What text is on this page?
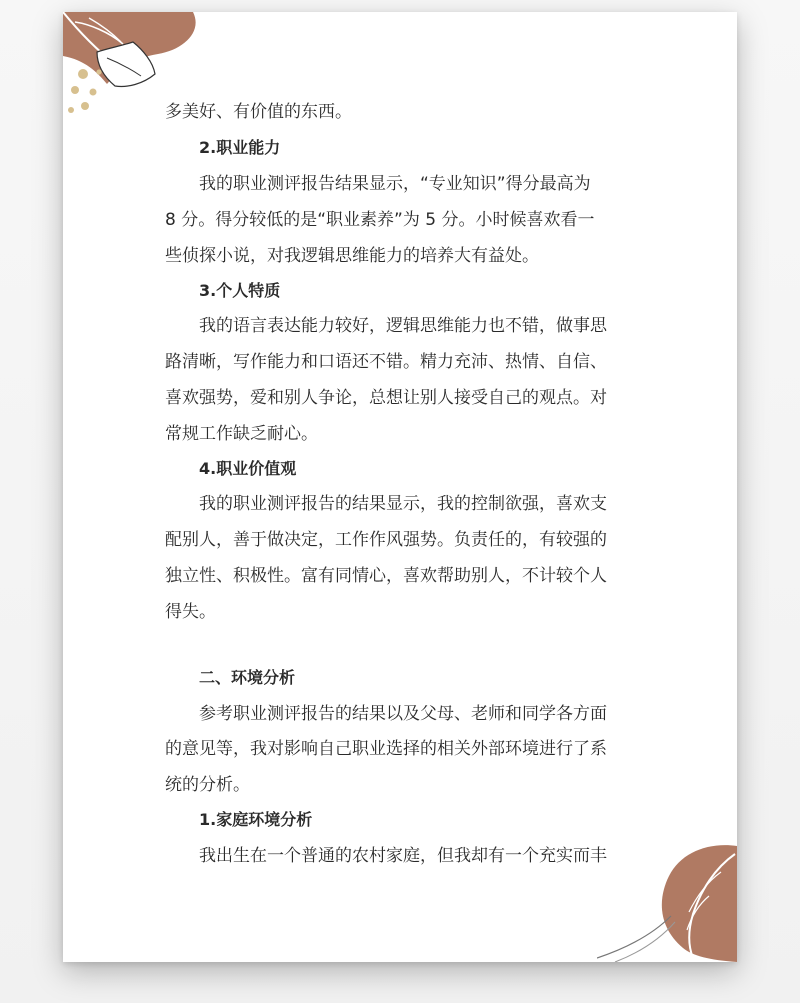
多美好、有价值的东西。
2.职业能力
我的职业测评报告结果显示，“专业知识”得分最高为
8 分。得分较低的是“职业素养”为 5 分。小时候喜欢看一
些侦探小说，对我逻辑思维能力的培养大有益处。
3.个人特质
我的语言表达能力较好，逻辑思维能力也不错，做事思
路清晰，写作能力和口语还不错。精力充沛、热情、自信、
喜欢强势，爱和别人争论，总想让别人接受自己的观点。对
常规工作缺乏耐心。
4.职业价值观
我的职业测评报告的结果显示，我的控制欲强，喜欢支
配别人，善于做决定，工作作风强势。负责任的，有较强的
独立性、积极性。富有同情心，喜欢帮助别人，不计较个人
得失。
二、环境分析
参考职业测评报告的结果以及父母、老师和同学各方面
的意见等，我对影响自己职业选择的相关外部环境进行了系
统的分析。
1.家庭环境分析
我出生在一个普通的农村家庭，但我却有一个充实而丰
